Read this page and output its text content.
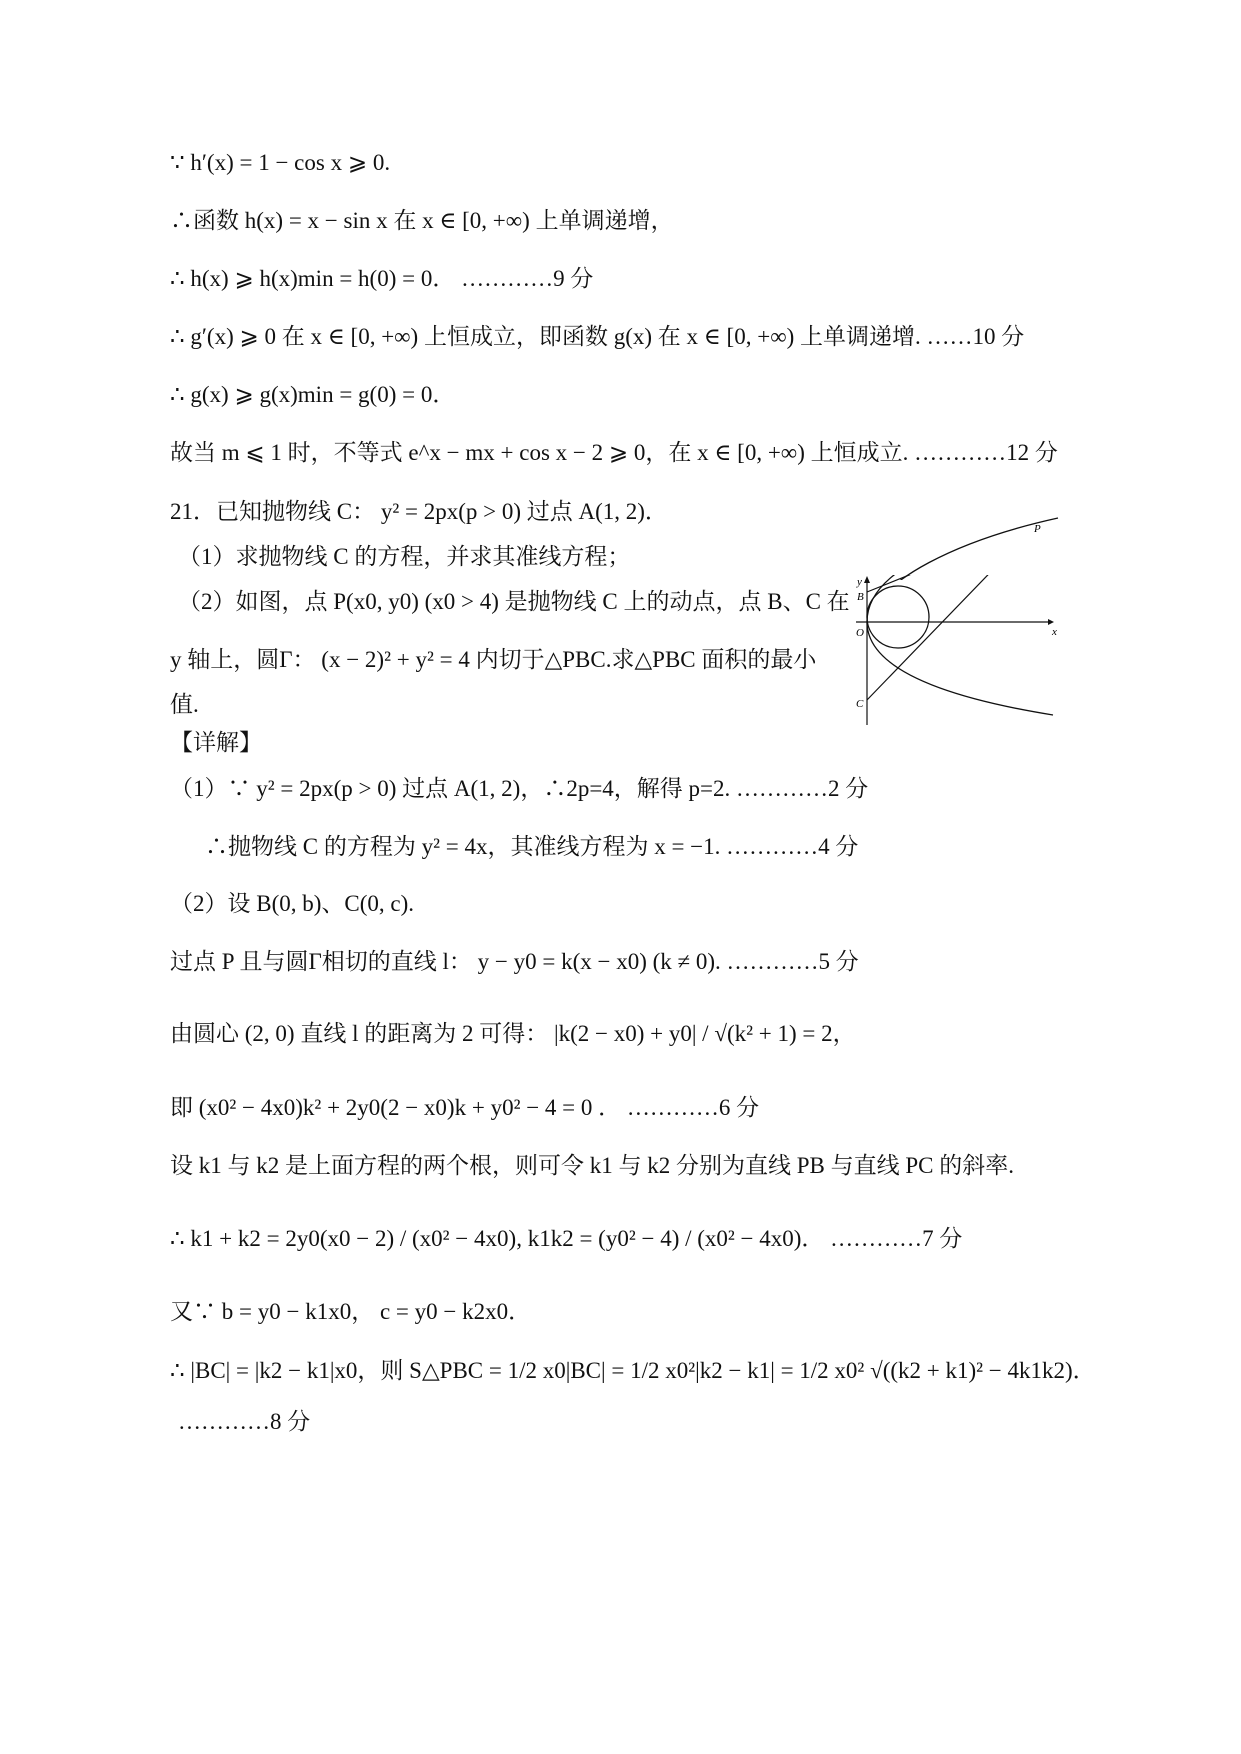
∵ h′(x) = 1 − cos x ⩾ 0.
∴函数 h(x) = x − sin x 在 x ∈ [0, +∞) 上单调递增，
∴ h(x) ⩾ h(x)min = h(0) = 0． …………9 分
∴ g′(x) ⩾ 0 在 x ∈ [0, +∞) 上恒成立，即函数 g(x) 在 x ∈ [0, +∞) 上单调递增. ……10 分
∴ g(x) ⩾ g(x)min = g(0) = 0．
故当 m ⩽ 1 时，不等式 e^x − mx + cos x − 2 ⩾ 0，在 x ∈ [0, +∞) 上恒成立. …………12 分
21．已知抛物线 C： y² = 2px(p > 0) 过点 A(1, 2)．
（1）求抛物线 C 的方程，并求其准线方程；
（2）如图，点 P(x0, y0) (x0 > 4) 是抛物线 C 上的动点，点 B、C 在
y 轴上，圆Γ： (x − 2)² + y² = 4 内切于△PBC.求△PBC 面积的最小
值.
【详解】
（1）∵ y² = 2px(p > 0) 过点 A(1, 2)，∴2p=4，解得 p=2. …………2 分
∴抛物线 C 的方程为 y² = 4x，其准线方程为 x = −1. …………4 分
（2）设 B(0, b)、C(0, c).
过点 P 且与圆Γ相切的直线 l： y − y0 = k(x − x0) (k ≠ 0). …………5 分
由圆心 (2, 0) 直线 l 的距离为 2 可得： |k(2 − x0) + y0| / √(k² + 1) = 2，
即 (x0² − 4x0)k² + 2y0(2 − x0)k + y0² − 4 = 0 ． …………6 分
设 k1 与 k2 是上面方程的两个根，则可令 k1 与 k2 分别为直线 PB 与直线 PC 的斜率.
∴ k1 + k2 = 2y0(x0 − 2) / (x0² − 4x0), k1k2 = (y0² − 4) / (x0² − 4x0)． …………7 分
又∵ b = y0 − k1x0， c = y0 − k2x0．
∴ |BC| = |k2 − k1|x0，则 S△PBC = 1/2 x0|BC| = 1/2 x0²|k2 − k1| = 1/2 x0² √((k2 + k1)² − 4k1k2)．
…………8 分
y
x
O
B
C
P
